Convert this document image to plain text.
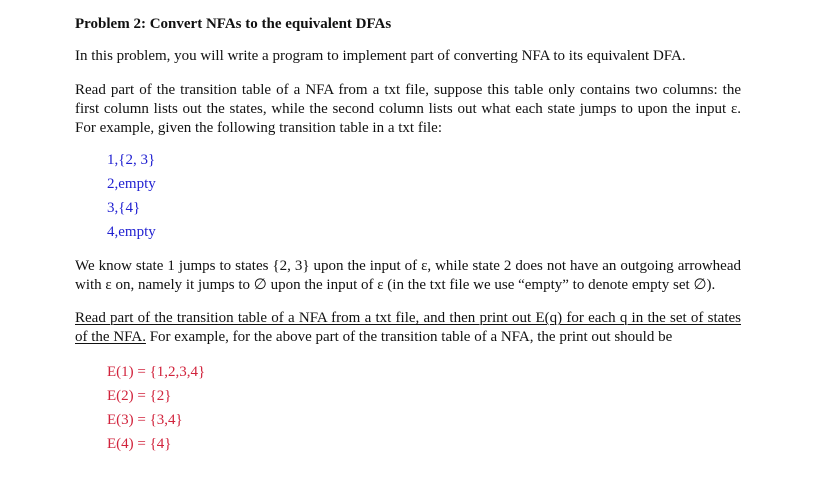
Problem 2: Convert NFAs to the equivalent DFAs

In this problem, you will write a program to implement part of converting NFA to its equivalent DFA.

Read part of the transition table of a NFA from a txt file, suppose this table only contains two columns: the first column lists out the states, while the second column lists out what each state jumps to upon the input ε. For example, given the following transition table in a txt file:

1,{2, 3}

2,empty

3,{4}

4,empty

We know state 1 jumps to states {2, 3} upon the input of ε, while state 2 does not have an outgoing arrowhead with ε on, namely it jumps to ∅ upon the input of ε (in the txt file we use “empty” to denote empty set ∅).

Read part of the transition table of a NFA from a txt file, and then print out E(q) for each q in the set of states of the NFA. For example, for the above part of the transition table of a NFA, the print out should be

E(1) = {1,2,3,4}

E(2) = {2}

E(3) = {3,4}

E(4) = {4}
